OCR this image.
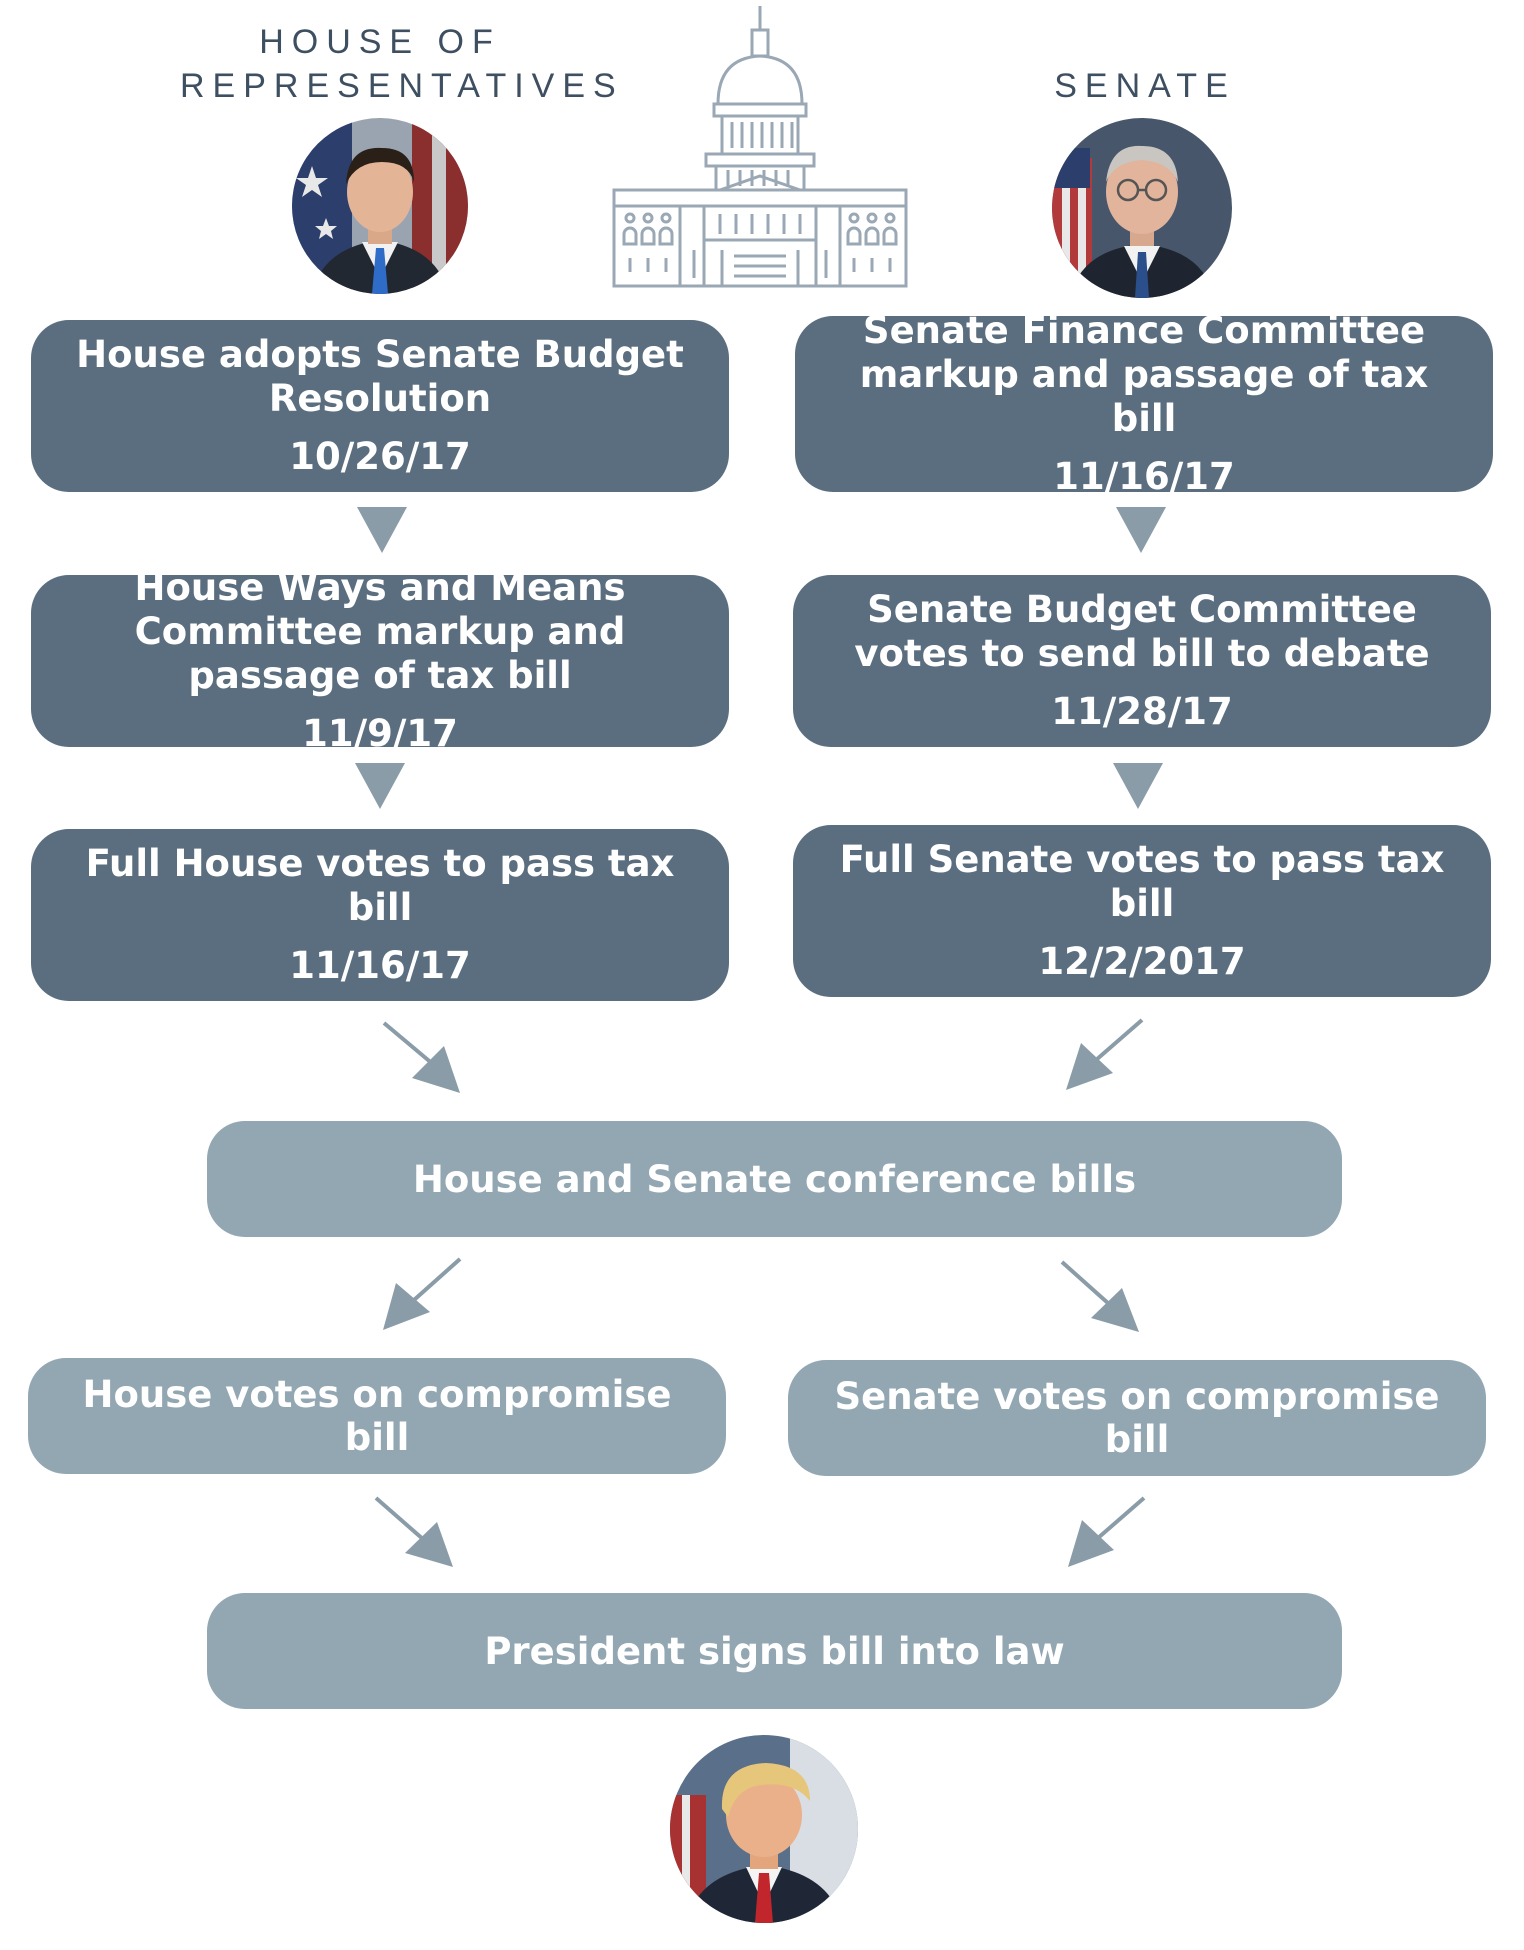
HOUSE OF
REPRESENTATIVES	SENATE
House adopts Senate Budget Resolution
10/26/17
House Ways and Means Committee markup and passage of tax bill
11/9/17
Full House votes to pass tax bill
11/16/17
Senate Finance Committee markup and passage of tax bill
11/16/17
Senate Budget Committee votes to send bill to debate
11/28/17
Full Senate votes to pass tax bill
12/2/2017
House and Senate conference bills
House votes on compromise bill
Senate votes on compromise bill
President signs bill into law
